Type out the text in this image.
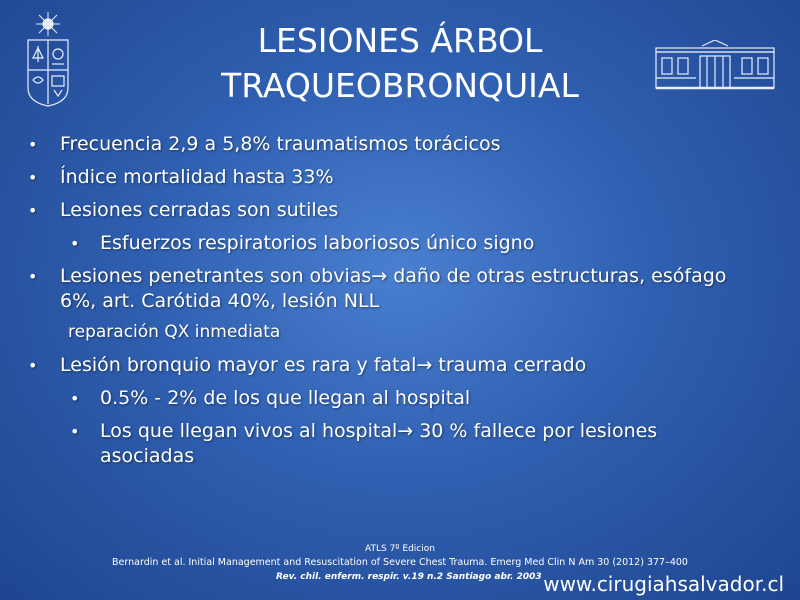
LESIONES ÁRBOL
TRAQUEOBRONQUIAL
• Frecuencia 2,9 a 5,8% traumatismos torácicos
• Índice mortalidad hasta 33%
• Lesiones cerradas son sutiles
• Esfuerzos respiratorios laboriosos único signo
• Lesiones penetrantes son obvias→ daño de otras estructuras, esófago 6%, art. Carótida 40%, lesión NLL
reparación QX inmediata
• Lesión bronquio mayor es rara y fatal→ trauma cerrado
• 0.5% - 2% de los que llegan al hospital
• Los que llegan vivos al hospital→ 30 % fallece por lesiones asociadas
ATLS 7º Edicion
Bernardin et al. Initial Management and Resuscitation of Severe Chest Trauma. Emerg Med Clin N Am 30 (2012) 377–400
Rev. chil. enferm. respir. v.19 n.2 Santiago abr. 2003 www.cirugiahsalvador.cl
